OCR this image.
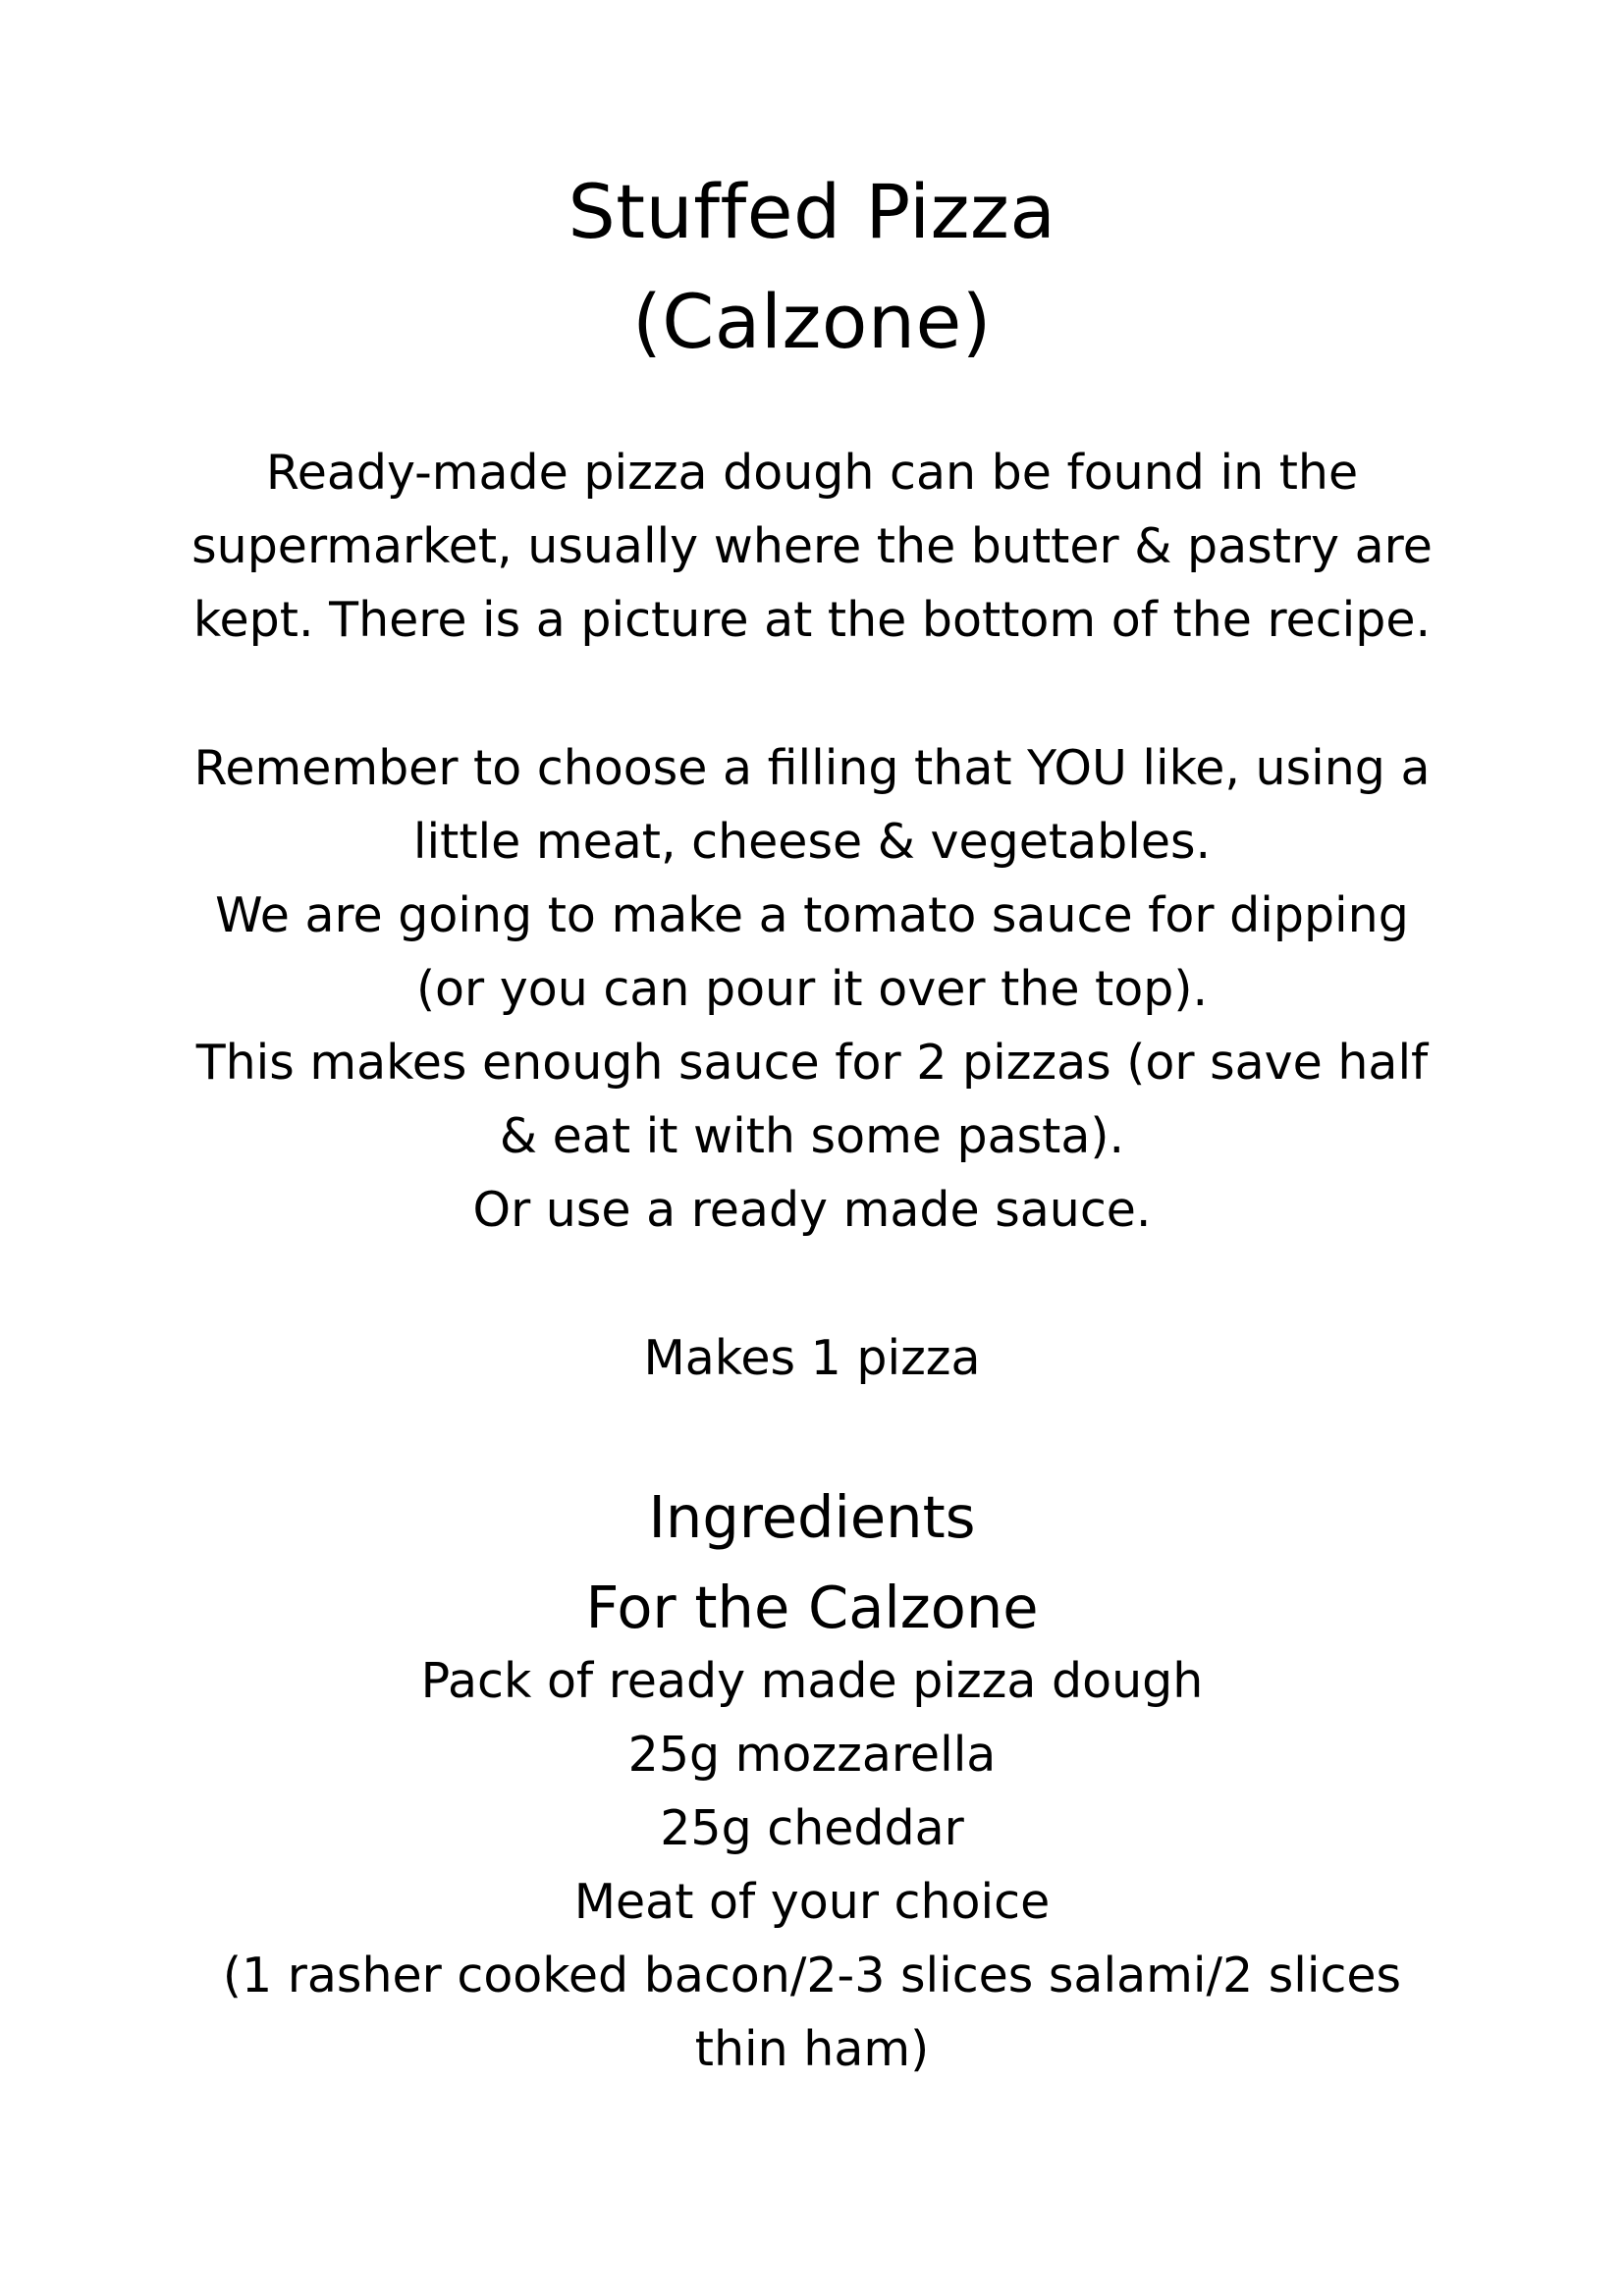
Stuffed Pizza
(Calzone)
Ready-made pizza dough can be found in the
supermarket, usually where the butter & pastry are
kept. There is a picture at the bottom of the recipe.
Remember to choose a filling that YOU like, using a
little meat, cheese & vegetables.
We are going to make a tomato sauce for dipping
(or you can pour it over the top).
This makes enough sauce for 2 pizzas (or save half
& eat it with some pasta).
Or use a ready made sauce.
Makes 1 pizza
Ingredients
For the Calzone
Pack of ready made pizza dough
25g mozzarella
25g cheddar
Meat of your choice
(1 rasher cooked bacon/2-3 slices salami/2 slices
thin ham)
